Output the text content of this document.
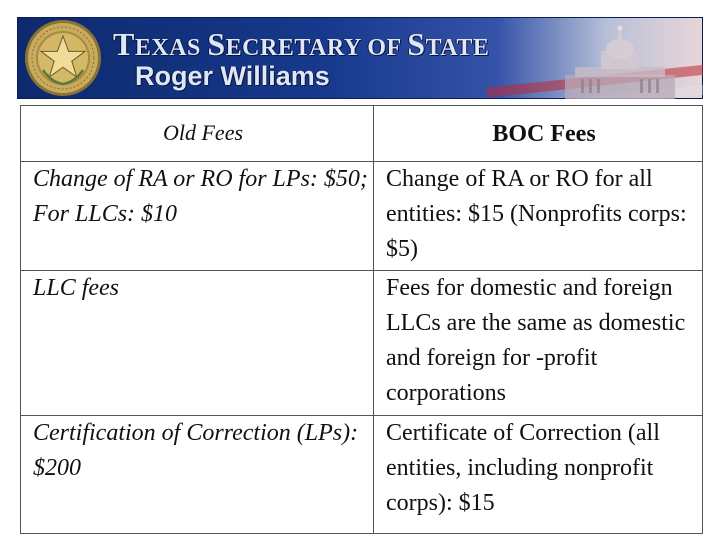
TEXAS SECRETARY OF STATE
Roger Williams
Old Fees	BOC Fees
Change of RA or RO for LPs: $50; For LLCs: $10	Change of RA or RO for all entities: $15 (Nonprofits corps: $5)
LLC fees	Fees for domestic and foreign LLCs are the same as domestic and foreign for -profit corporations
Certification of Correction (LPs): $200	Certificate of Correction (all entities, including nonprofit corps): $15
